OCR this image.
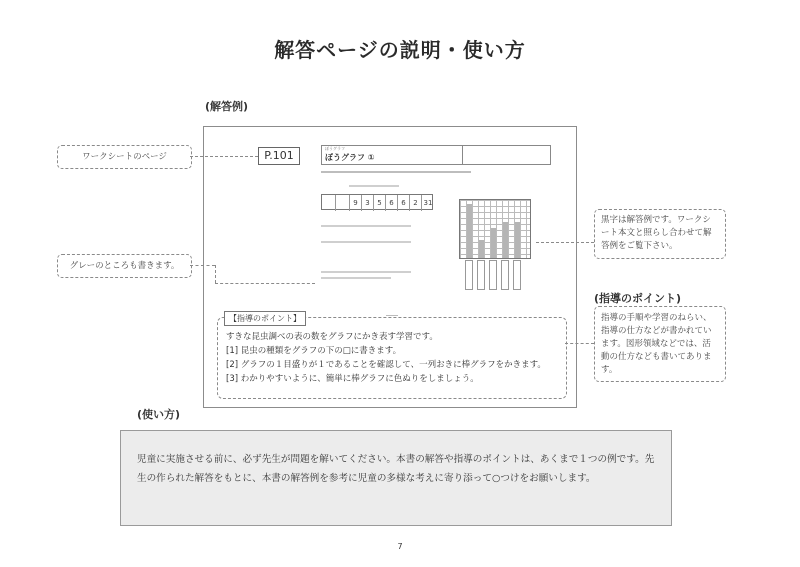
解答ページの説明・使い方
(解答例)
ぼうグラフ
ぼうグラフ ①

9	3	5	6	6	2 31
P.101
【指導のポイント】
すきな昆虫調べの表の数をグラフにかき表す学習です。
[1] 昆虫の種類をグラフの下の□に書きます。
[2] グラフの１目盛りが１であることを確認して、一列おきに棒グラフをかきます。
[3] わかりやすいように、簡単に棒グラフに色ぬりをしましょう。
ワークシートのページ
グレーのところも書きます。
黒字は解答例です。ワークシート本文と照らし合わせて解答例をご覧下さい。
(指導のポイント)
指導の手順や学習のねらい、指導の仕方などが書かれています。図形領域などでは、活動の仕方なども書いてあります。
(使い方)
児童に実施させる前に、必ず先生が問題を解いてください。本書の解答や指導のポイントは、あくまで１つの例です。先生の作られた解答をもとに、本書の解答例を参考に児童の多様な考えに寄り添って○つけをお願いします。
7
